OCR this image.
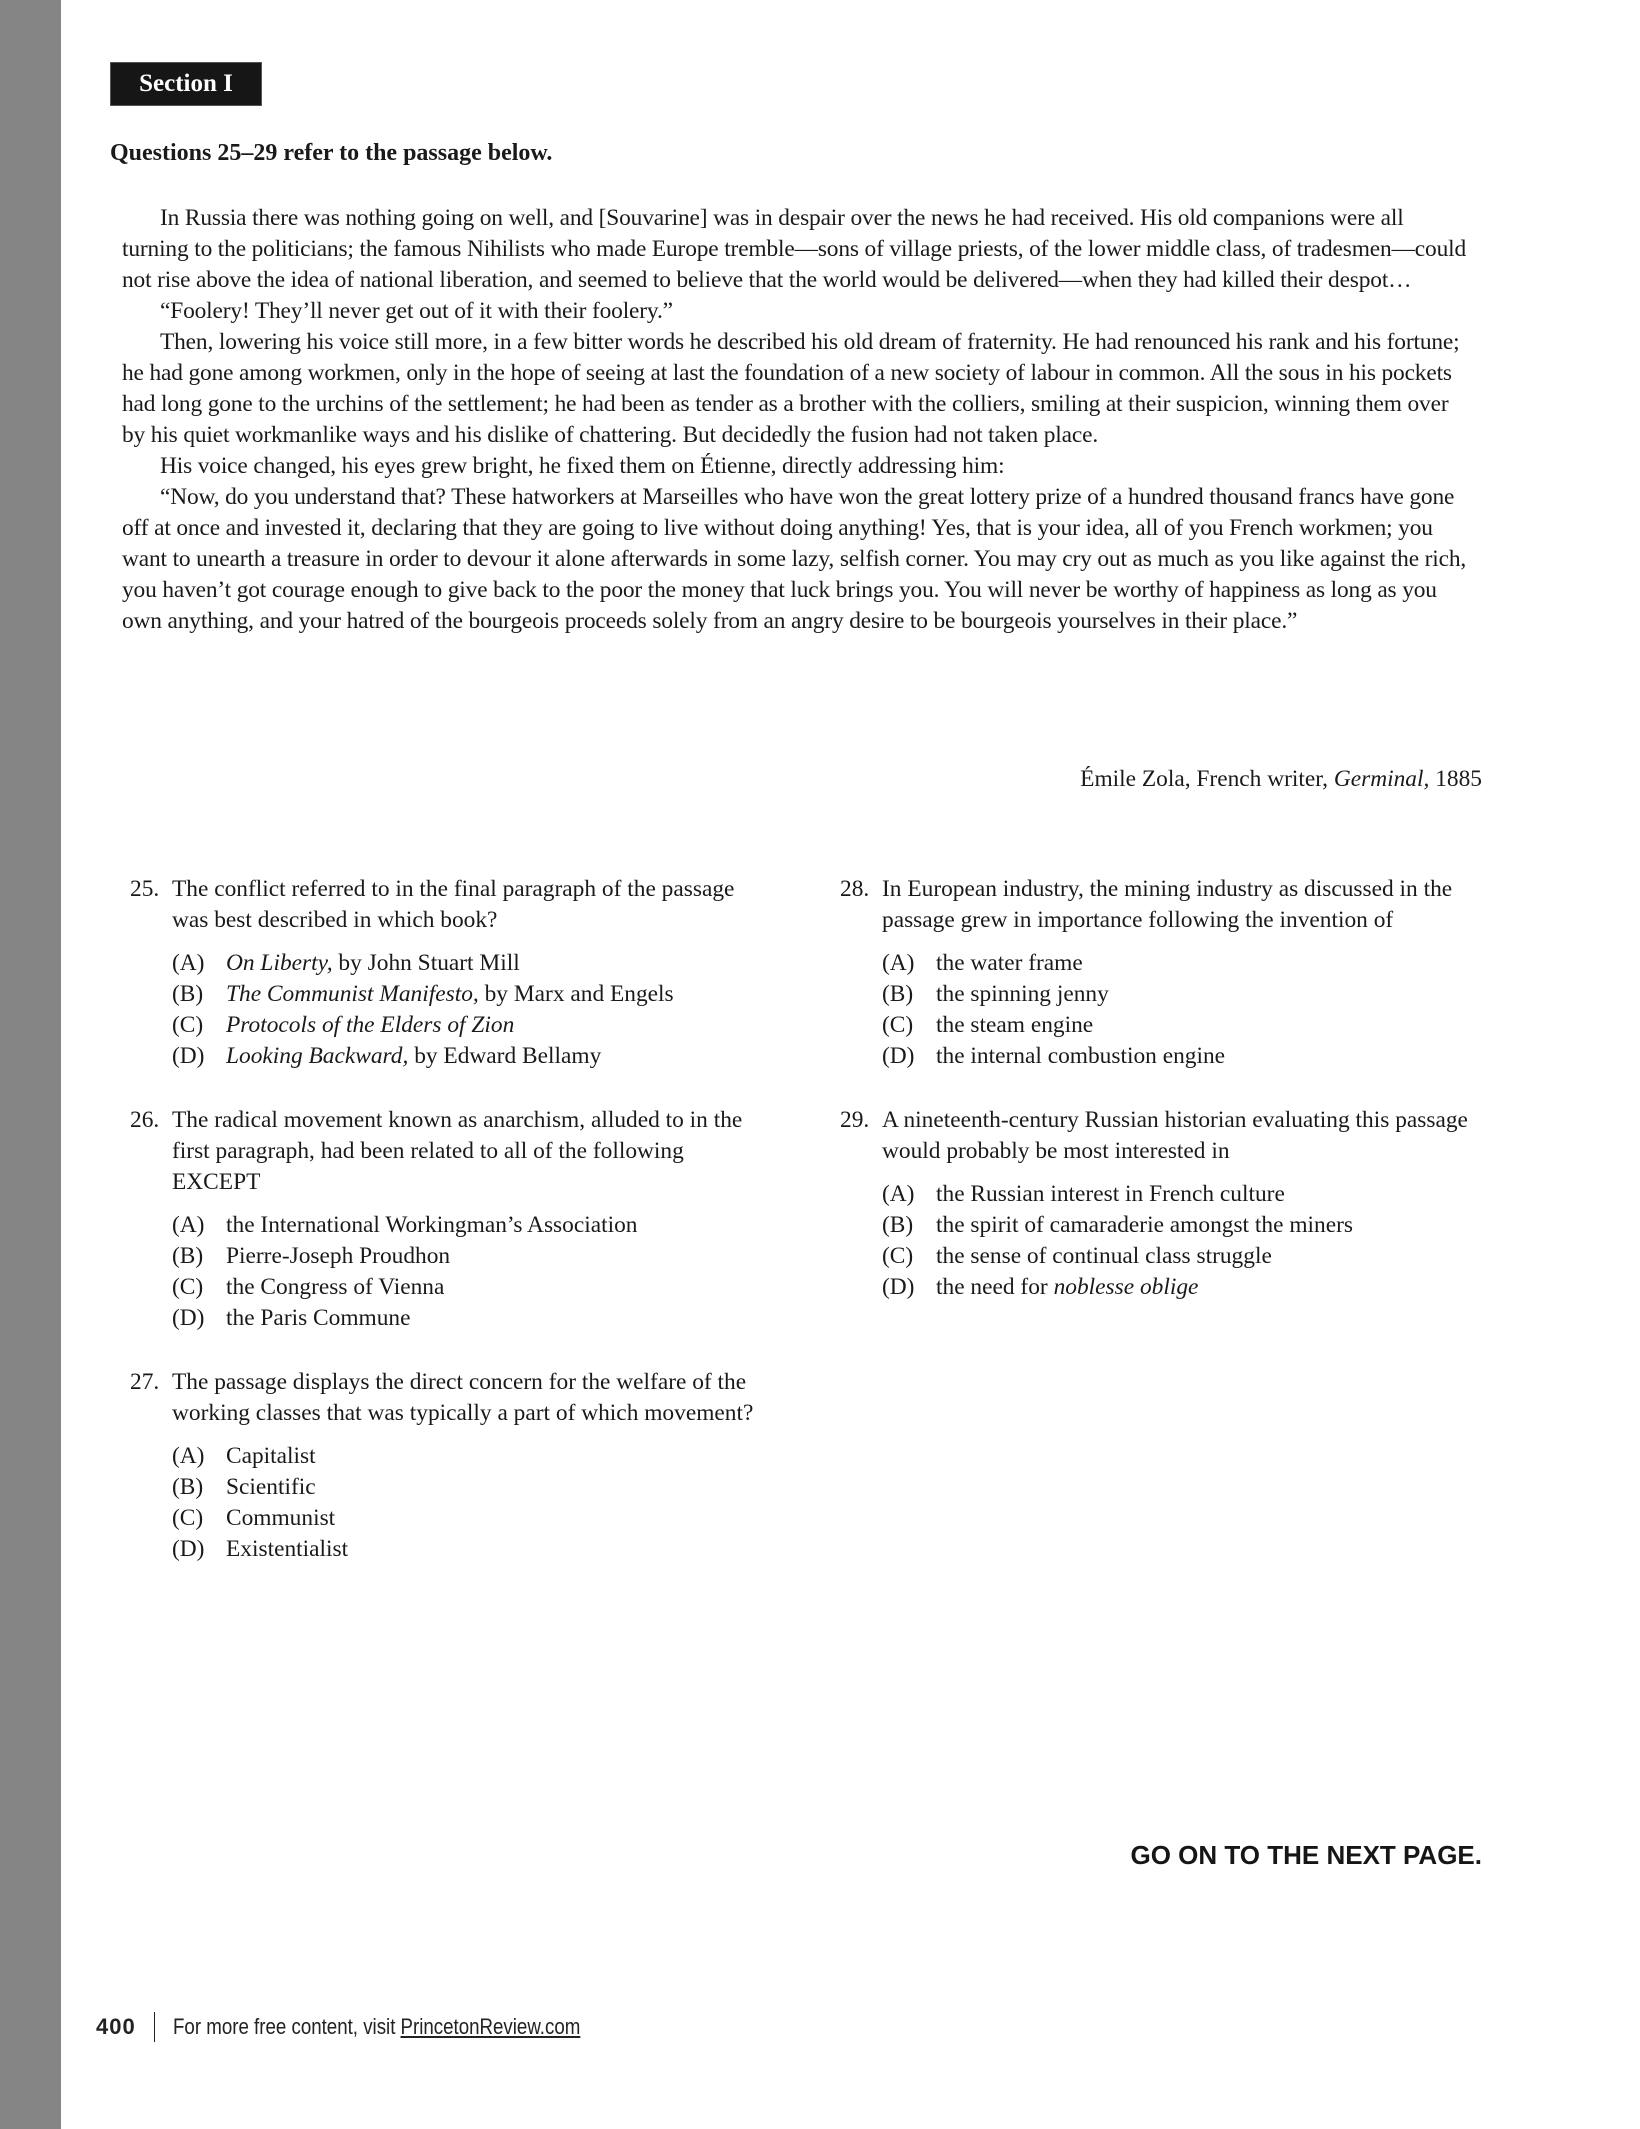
Section I
Questions 25–29 refer to the passage below.

In Russia there was nothing going on well, and [Souvarine] was in despair over the news he had received. His old companions were all turning to the politicians; the famous Nihilists who made Europe tremble—sons of village priests, of the lower middle class, of tradesmen—could not rise above the idea of national liberation, and seemed to believe that the world would be delivered—when they had killed their despot…

“Foolery! They’ll never get out of it with their foolery.”

Then, lowering his voice still more, in a few bitter words he described his old dream of fraternity. He had renounced his rank and his fortune; he had gone among workmen, only in the hope of seeing at last the foundation of a new society of labour in common. All the sous in his pockets had long gone to the urchins of the settlement; he had been as tender as a brother with the colliers, smiling at their suspicion, winning them over by his quiet workmanlike ways and his dislike of chattering. But decidedly the fusion had not taken place.

His voice changed, his eyes grew bright, he fixed them on Étienne, directly addressing him:

“Now, do you understand that? These hatworkers at Marseilles who have won the great lottery prize of a hundred thousand francs have gone off at once and invested it, declaring that they are going to live without doing anything! Yes, that is your idea, all of you French workmen; you want to unearth a treasure in order to devour it alone afterwards in some lazy, selfish corner. You may cry out as much as you like against the rich, you haven’t got courage enough to give back to the poor the money that luck brings you. You will never be worthy of happiness as long as you own anything, and your hatred of the bourgeois proceeds solely from an angry desire to be bourgeois yourselves in their place.”

Émile Zola, French writer, Germinal, 1885
25. The conflict referred to in the final paragraph of the passage was best described in which book?
(A) On Liberty, by John Stuart Mill
(B) The Communist Manifesto, by Marx and Engels
(C) Protocols of the Elders of Zion
(D) Looking Backward, by Edward Bellamy
26. The radical movement known as anarchism, alluded to in the first paragraph, had been related to all of the following EXCEPT
(A) the International Workingman’s Association
(B) Pierre-Joseph Proudhon
(C) the Congress of Vienna
(D) the Paris Commune
27. The passage displays the direct concern for the welfare of the working classes that was typically a part of which movement?
(A) Capitalist
(B) Scientific
(C) Communist
(D) Existentialist
28. In European industry, the mining industry as discussed in the passage grew in importance following the invention of
(A) the water frame
(B) the spinning jenny
(C) the steam engine
(D) the internal combustion engine
29. A nineteenth-century Russian historian evaluating this passage would probably be most interested in
(A) the Russian interest in French culture
(B) the spirit of camaraderie amongst the miners
(C) the sense of continual class struggle
(D) the need for noblesse oblige
GO ON TO THE NEXT PAGE.
400 For more free content, visit PrincetonReview.com
